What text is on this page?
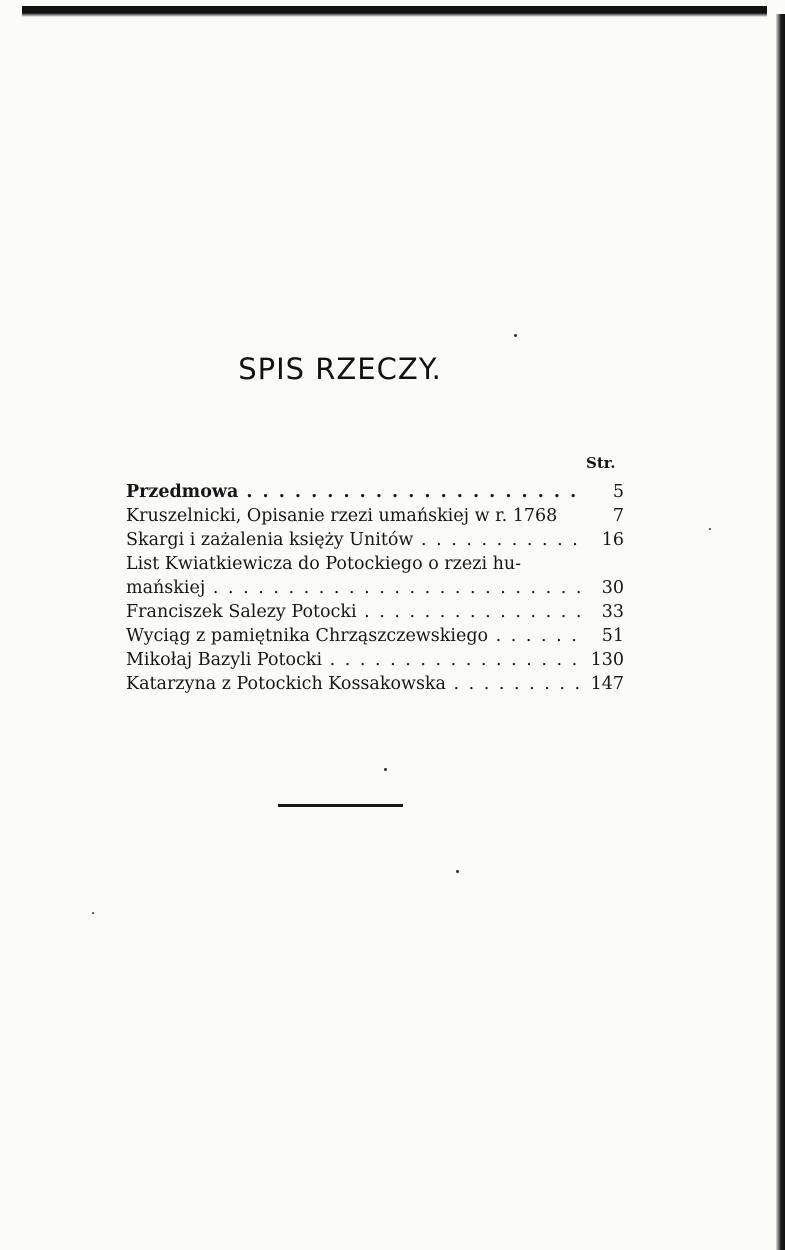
SPIS RZECZY.
Str.
Przedmowa . . .	5
Kruszelnicki, Opisanie rzezi umańskiej w r. 1768	7
Skargi i zażalenia księży Unitów . . .	16
List Kwiatkiewicza do Potockiego o rzezi hu-
mańskiej . . .	30
Franciszek Salezy Potocki . . .	33
Wyciąg z pamiętnika Chrząszczewskiego . . .	51
Mikołaj Bazyli Potocki . . .	130
Katarzyna z Potockich Kossakowska . . .	147
